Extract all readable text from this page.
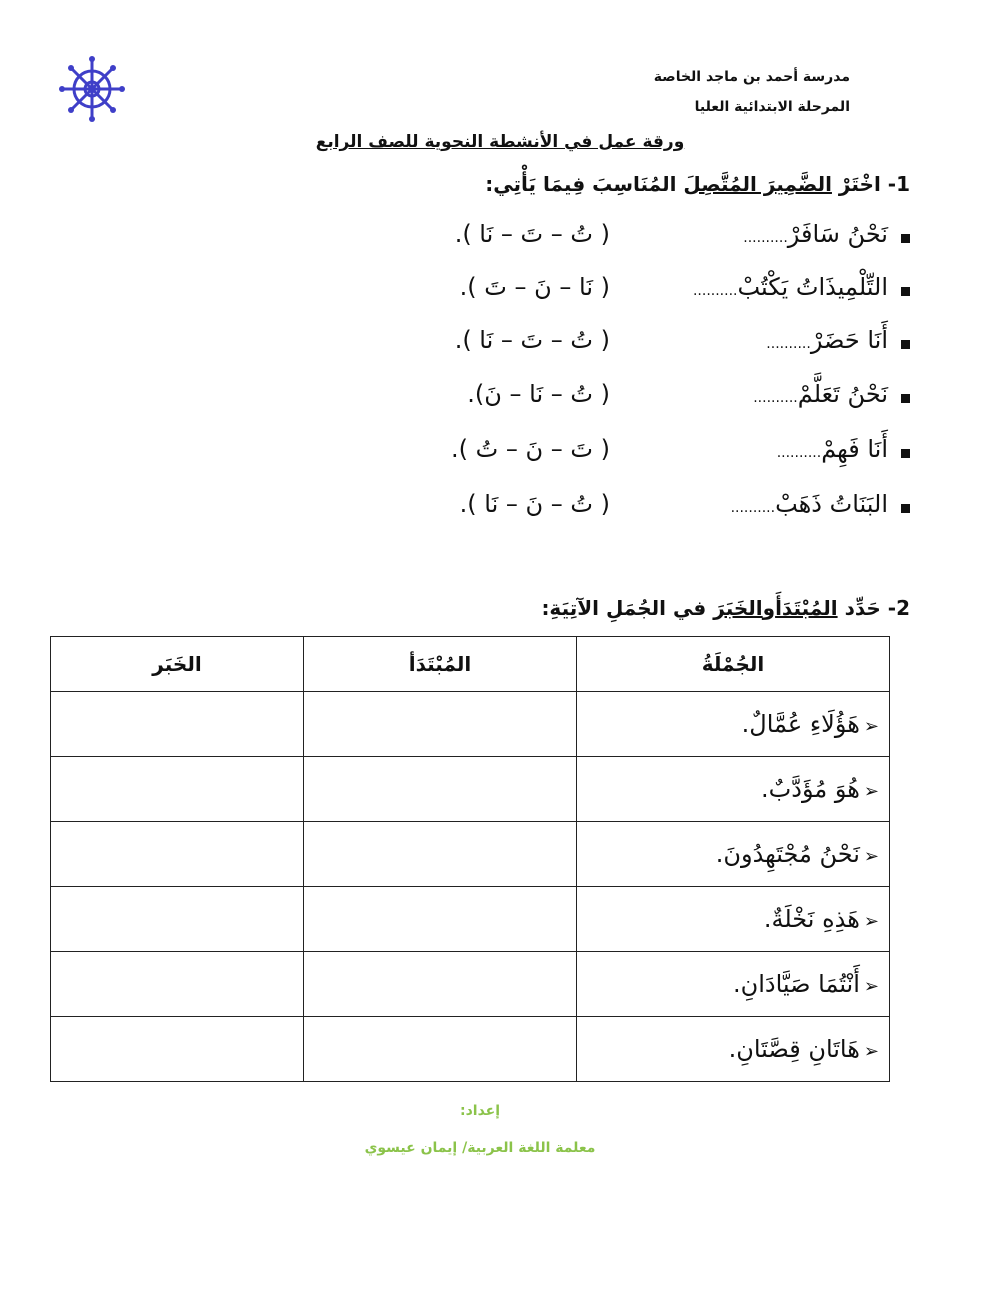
مدرسة أحمد بن ماجد الخاصة
المرحلة الابتدائية العليا
ورقة عمل في الأنشطة النحوية للصف الرابع
1- اخْتَرْ الضَّمِيرَ المُتَّصِلَ المُنَاسِبَ فِيمَا يَأْتِي:
نَحْنُ سَافَرْ..........
( تُ – تَ – نَا ).
التِّلْمِيذَاتُ يَكْتُبْ..........
( نَا – نَ – تَ ).
أَنَا حَضَرْ..........
( تُ – تَ – نَا ).
نَحْنُ تَعَلَّمْ..........
( تُ – نَا – نَ).
أَنَا فَهِمْ..........
( تَ – نَ – تُ ).
البَنَاتُ ذَهَبْ..........
( تُ – نَ – نَا ).
2- حَدِّد المُبْتَدَأَوالخَبَرَ في الجُمَلِ الآتِيَةِ:
الجُمْلَةُ	المُبْتَدَأ	الخَبَر
➢هَؤُلَاءِ عُمَّالٌ.		
➢هُوَ مُؤَدَّبٌ.		
➢نَحْنُ مُجْتَهِدُونَ.		
➢هَذِهِ نَخْلَةٌ.		
➢أَنْتُمَا صَيَّادَانِ.		
➢هَاتَانِ قِصَّتَانِ.		
إعداد:
معلمة اللغة العربية/ إيمان عيسوي
